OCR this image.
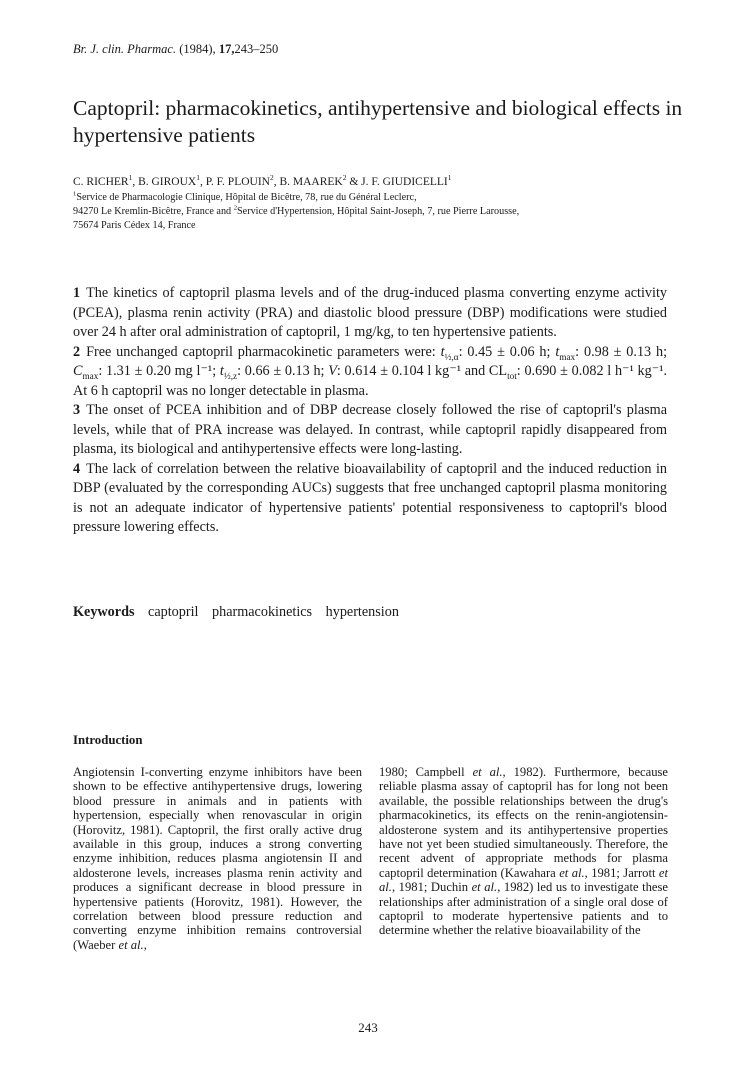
Br. J. clin. Pharmac. (1984), 17,243–250
Captopril: pharmacokinetics, antihypertensive and biological effects in hypertensive patients
C. RICHER$^1$, B. GIROUX$^1$, P. F. PLOUIN$^2$, B. MAAREK$^2$ & J. F. GIUDICELLI$^1$
$^1$Service de Pharmacologie Clinique, Hôpital de Bicêtre, 78, rue du Général Leclerc,
94270 Le Kremlin-Bicêtre, France and $^2$Service d'Hypertension, Hôpital Saint-Joseph, 7, rue Pierre Larousse,
75674 Paris Cédex 14, France

1 The kinetics of captopril plasma levels and of the drug-induced plasma converting enzyme activity (PCEA), plasma renin activity (PRA) and diastolic blood pressure (DBP) modifications were studied over 24 h after oral administration of captopril, 1 mg/kg, to ten hypertensive patients.

2 Free unchanged captopril pharmacokinetic parameters were: $t_{\frac{1}{2},\alpha}$: 0.45 ± 0.06 h; $t_{max}$: 0.98 ± 0.13 h; $C_{max}$: 1.31 ± 0.20 mg l⁻¹; $t_{\frac{1}{2},z}$: 0.66 ± 0.13 h; V: 0.614 ± 0.104 l kg⁻¹ and $CL_{tot}$: 0.690 ± 0.082 l h⁻¹ kg⁻¹. At 6 h captopril was no longer detectable in plasma.

3 The onset of PCEA inhibition and of DBP decrease closely followed the rise of captopril's plasma levels, while that of PRA increase was delayed. In contrast, while captopril rapidly disappeared from plasma, its biological and antihypertensive effects were long-lasting.

4 The lack of correlation between the relative bioavailability of captopril and the induced reduction in DBP (evaluated by the corresponding AUCs) suggests that free unchanged captopril plasma monitoring is not an adequate indicator of hypertensive patients' potential responsiveness to captopril's blood pressure lowering effects.

Keywords captopril pharmacokinetics hypertension
Introduction
Angiotensin I-converting enzyme inhibitors have been shown to be effective antihypertensive drugs, lowering blood pressure in animals and in patients with hypertension, especially when renovascular in origin (Horovitz, 1981). Captopril, the first orally active drug available in this group, induces a strong converting enzyme inhibition, reduces plasma angiotensin II and aldosterone levels, increases plasma renin activity and produces a significant decrease in blood pressure in hypertensive patients (Horovitz, 1981). However, the correlation between blood pressure reduction and converting enzyme inhibition remains controversial (Waeber et al.,
1980; Campbell et al., 1982). Furthermore, because reliable plasma assay of captopril has for long not been available, the possible relationships between the drug's pharmacokinetics, its effects on the renin-angiotensin-aldosterone system and its antihypertensive properties have not yet been studied simultaneously. Therefore, the recent advent of appropriate methods for plasma captopril determination (Kawahara et al., 1981; Jarrott et al., 1981; Duchin et al., 1982) led us to investigate these relationships after administration of a single oral dose of captopril to moderate hypertensive patients and to determine whether the relative bioavailability of the
243
